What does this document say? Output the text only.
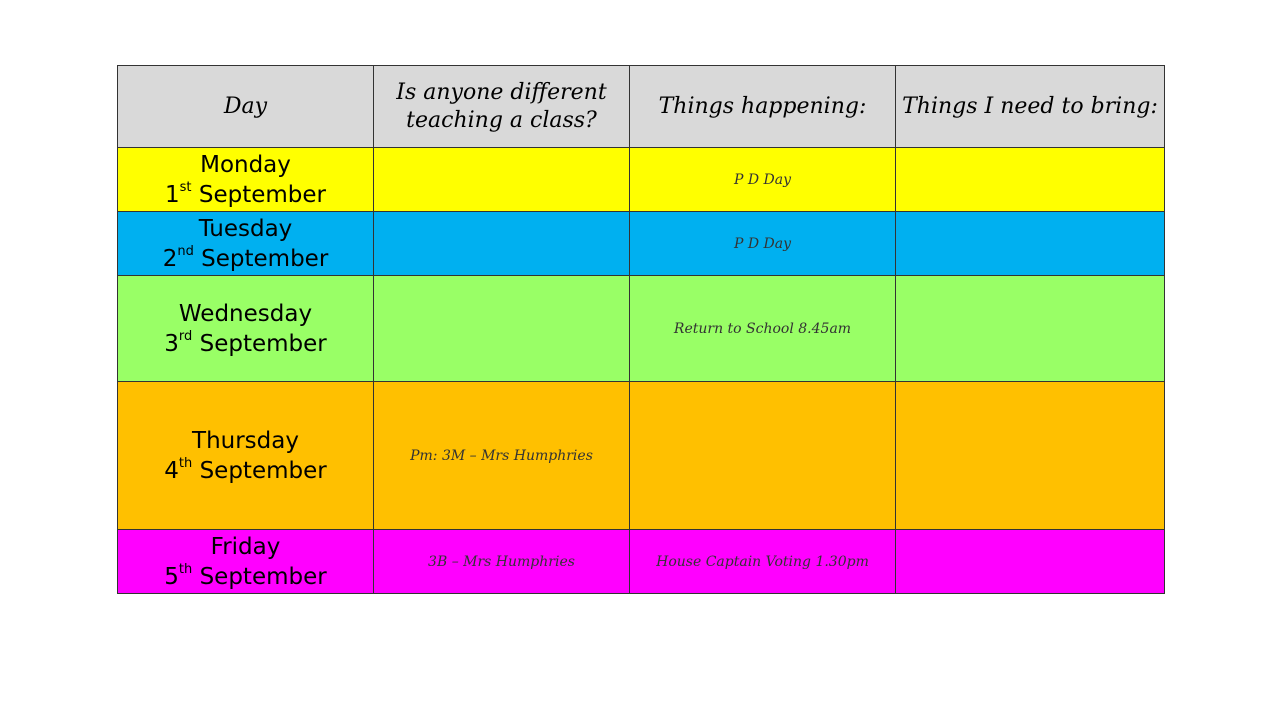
Day	Is anyone different teaching a class?	Things happening:	Things I need to bring:

Monday
1st September		P D Day	

Tuesday
2nd September		P D Day	

Wednesday
3rd September		Return to School 8.45am	

Thursday
4th September	Pm: 3M – Mrs Humphries		

Friday
5th September	3B – Mrs Humphries	House Captain Voting 1.30pm	
